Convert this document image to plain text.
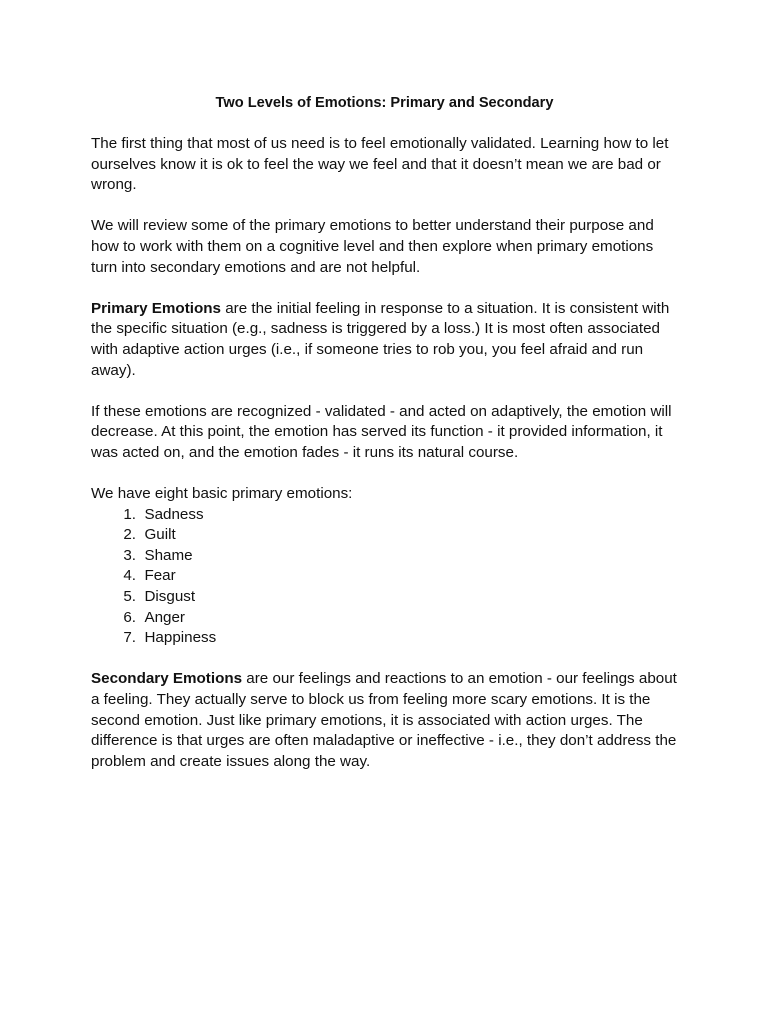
Two Levels of Emotions: Primary and Secondary

The first thing that most of us need is to feel emotionally validated. Learning how to let ourselves know it is ok to feel the way we feel and that it doesn’t mean we are bad or wrong.

We will review some of the primary emotions to better understand their purpose and how to work with them on a cognitive level and then explore when primary emotions turn into secondary emotions and are not helpful.

Primary Emotions are the initial feeling in response to a situation. It is consistent with the specific situation (e.g., sadness is triggered by a loss.) It is most often associated with adaptive action urges (i.e., if someone tries to rob you, you feel afraid and run away).

If these emotions are recognized - validated - and acted on adaptively, the emotion will decrease. At this point, the emotion has served its function - it provided information, it was acted on, and the emotion fades - it runs its natural course.

We have eight basic primary emotions:

1.
Sadness
2.
Guilt
3.
Shame
4.
Fear
5.
Disgust
6.
Anger
7.
Happiness

Secondary Emotions are our feelings and reactions to an emotion - our feelings about a feeling. They actually serve to block us from feeling more scary emotions. It is the second emotion. Just like primary emotions, it is associated with action urges. The difference is that urges are often maladaptive or ineffective - i.e., they don’t address the problem and create issues along the way.
